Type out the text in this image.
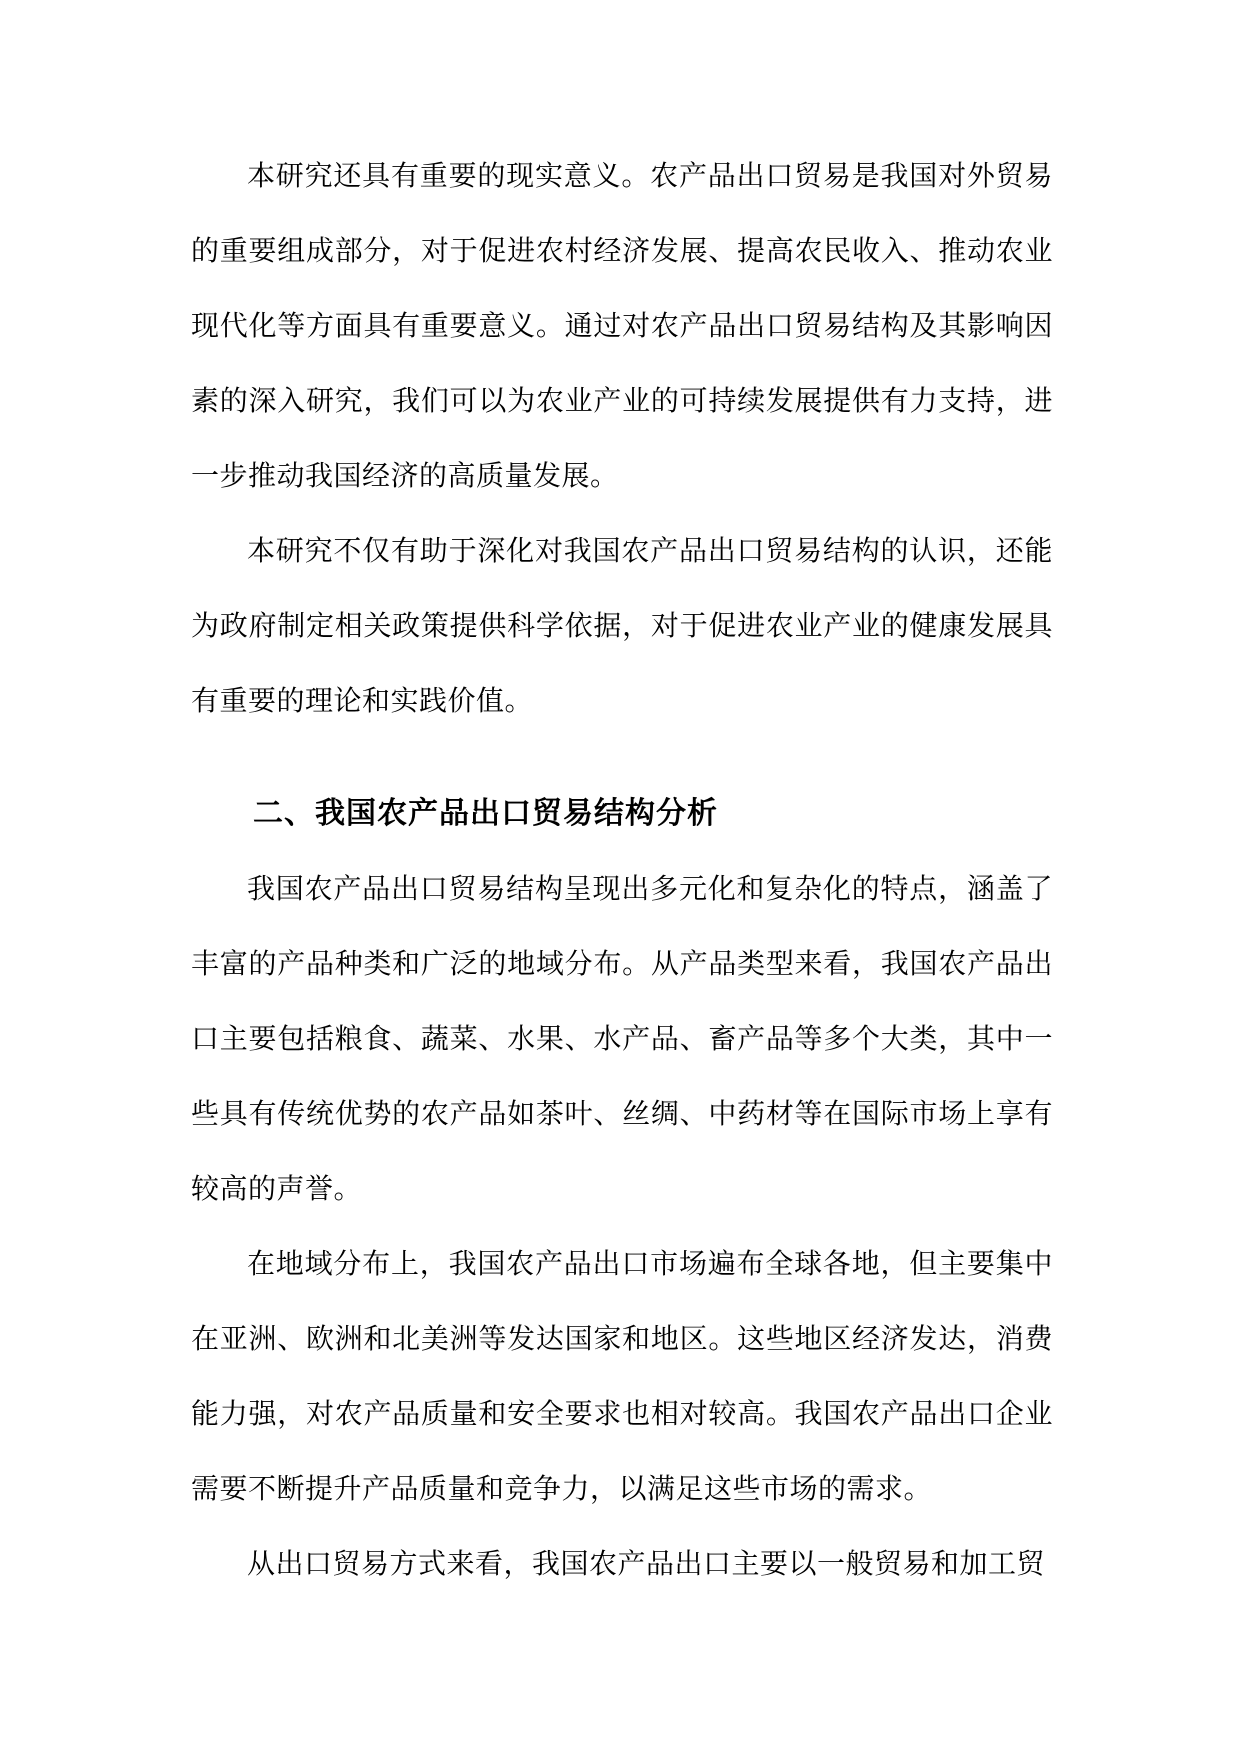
本研究还具有重要的现实意义。农产品出口贸易是我国对外贸易的重要组成部分，对于促进农村经济发展、提高农民收入、推动农业现代化等方面具有重要意义。通过对农产品出口贸易结构及其影响因素的深入研究，我们可以为农业产业的可持续发展提供有力支持，进一步推动我国经济的高质量发展。

本研究不仅有助于深化对我国农产品出口贸易结构的认识，还能为政府制定相关政策提供科学依据，对于促进农业产业的健康发展具有重要的理论和实践价值。

二、我国农产品出口贸易结构分析

我国农产品出口贸易结构呈现出多元化和复杂化的特点，涵盖了丰富的产品种类和广泛的地域分布。从产品类型来看，我国农产品出口主要包括粮食、蔬菜、水果、水产品、畜产品等多个大类，其中一些具有传统优势的农产品如茶叶、丝绸、中药材等在国际市场上享有较高的声誉。

在地域分布上，我国农产品出口市场遍布全球各地，但主要集中在亚洲、欧洲和北美洲等发达国家和地区。这些地区经济发达，消费能力强，对农产品质量和安全要求也相对较高。我国农产品出口企业需要不断提升产品质量和竞争力，以满足这些市场的需求。

从出口贸易方式来看，我国农产品出口主要以一般贸易和加工贸
